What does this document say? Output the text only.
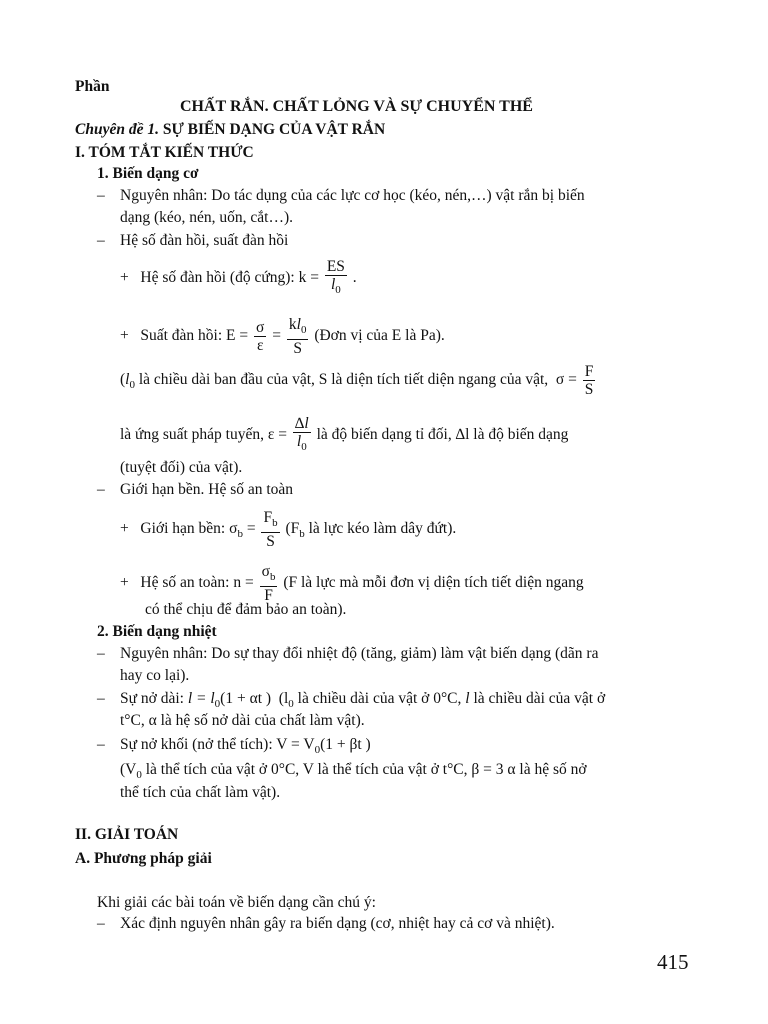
Phần
CHẤT RẮN. CHẤT LỎNG VÀ SỰ CHUYỂN THỂ
Chuyên đề 1. SỰ BIẾN DẠNG CỦA VẬT RẮN
I. TÓM TẮT KIẾN THỨC
1. Biến dạng cơ
– Nguyên nhân: Do tác dụng của các lực cơ học (kéo, nén,…) vật rắn bị biến
dạng (kéo, nén, uốn, cắt…).
– Hệ số đàn hồi, suất đàn hồi
+   Hệ số đàn hồi (độ cứng): $k = \frac{ES}{l_0}$ .
+   Suất đàn hồi: $E = \frac{\sigma}{\varepsilon} = \frac{kl_0}{S}$ (Đơn vị của E là Pa).
($l_0$ là chiều dài ban đầu của vật, S là diện tích tiết diện ngang của vật, $\sigma = \frac{F}{S}$
là ứng suất pháp tuyến, $\varepsilon = \frac{\Delta l}{l_0}$ là độ biến dạng tỉ đối, ∆l là độ biến dạng
(tuyệt đối) của vật).
– Giới hạn bền. Hệ số an toàn
+   Giới hạn bền: $\sigma_b = \frac{F_b}{S} (F_b$ là lực kéo làm dây đứt).
+   Hệ số an toàn: $n = \frac{\sigma_b}{F} (F$ là lực mà mỗi đơn vị diện tích tiết diện ngang
có thể chịu để đảm bảo an toàn).
2. Biến dạng nhiệt
– Nguyên nhân: Do sự thay đổi nhiệt độ (tăng, giảm) làm vật biến dạng (dãn ra
hay co lại).
– Sự nở dài: $l = l_0(1 + \alpha t$ ) ($l_0$ là chiều dài của vật ở 0°C, l là chiều dài của vật ở
t°C, α là hệ số nở dài của chất làm vật).
– Sự nở khối (nở thể tích): $V = V_0(1 + \beta t$ )
($V_0$ là thể tích của vật ở 0°C, V là thể tích của vật ở t°C, β = 3 α là hệ số nở
thể tích của chất làm vật).
II. GIẢI TOÁN
A. Phương pháp giải
Khi giải các bài toán về biến dạng cần chú ý:
– Xác định nguyên nhân gây ra biến dạng (cơ, nhiệt hay cả cơ và nhiệt).
415
